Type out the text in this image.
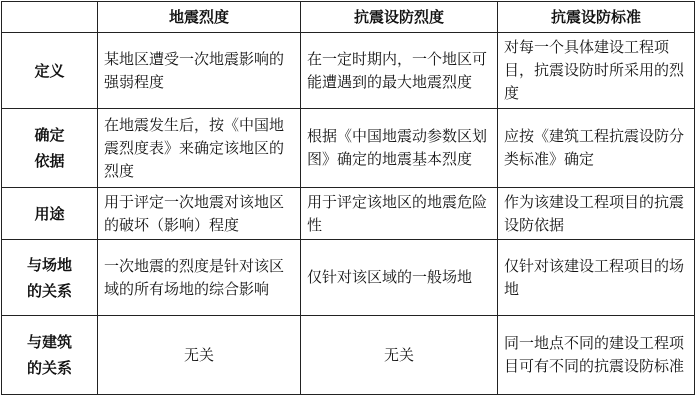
	地震烈度	抗震设防烈度	抗震设防标准
定义	某地区遭受一次地震影响的强弱程度	在一定时期内，一个地区可能遭遇到的最大地震烈度	对每一个具体建设工程项目，抗震设防时所采用的烈度
确定依据	在地震发生后，按《中国地震烈度表》来确定该地区的烈度	根据《中国地震动参数区划图》确定的地震基本烈度	应按《建筑工程抗震设防分类标准》确定
用途	用于评定一次地震对该地区的破坏（影响）程度	用于评定该地区的地震危险性	作为该建设工程项目的抗震设防依据
与场地的关系	一次地震的烈度是针对该区域的所有场地的综合影响	仅针对该区域的一般场地	仅针对该建设工程项目的场地
与建筑的关系	无关	无关	同一地点不同的建设工程项目可有不同的抗震设防标准
